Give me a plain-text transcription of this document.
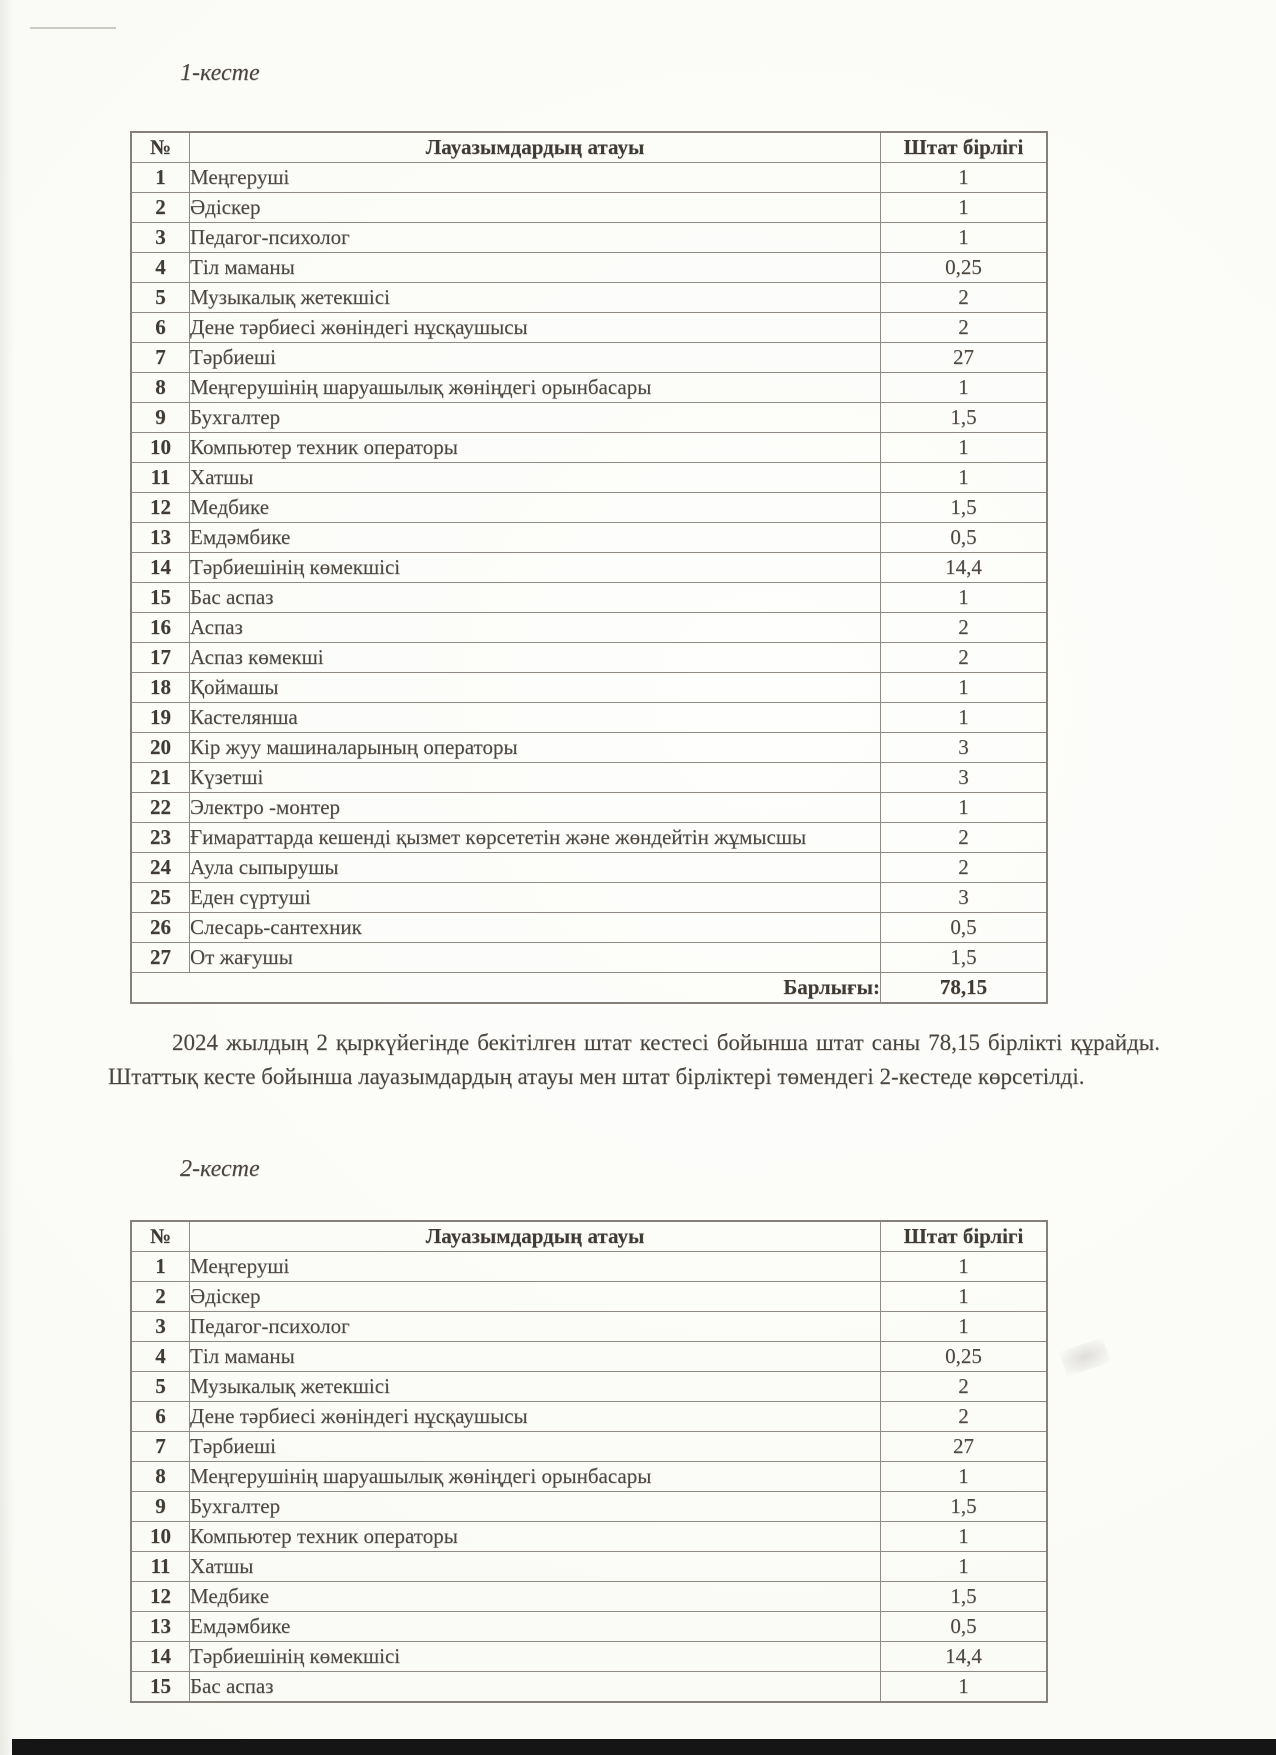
1-кесте
№	Лауазымдардың атауы	Штат бірлігі
1	Меңгеруші	1
2	Әдіскер	1
3	Педагог-психолог	1
4	Тіл маманы	0,25
5	Музыкалық жетекшісі	2
6	Дене тәрбиесі жөніндегі нұсқаушысы	2
7	Тәрбиеші	27
8	Меңгерушінің шаруашылық жөніңдегі орынбасары	1
9	Бухгалтер	1,5
10	Компьютер техник операторы	1
11	Хатшы	1
12	Медбике	1,5
13	Емдәмбике	0,5
14	Тәрбиешінің көмекшісі	14,4
15	Бас аспаз	1
16	Аспаз	2
17	Аспаз көмекші	2
18	Қоймашы	1
19	Кастелянша	1
20	Кір жуу машиналарының операторы	3
21	Күзетші	3
22	Электро -монтер	1
23	Ғимараттарда кешенді қызмет көрсететін және жөндейтін жұмысшы	2
24	Аула сыпырушы	2
25	Еден сүртуші	3
26	Слесарь-сантехник	0,5
27	От жағушы	1,5
Барлығы:		78,15
2024 жылдың 2 қыркүйегінде бекітілген штат кестесі бойынша штат саны 78,15 бірлікті құрайды. Штаттық кесте бойынша лауазымдардың атауы мен штат бірліктері төмендегі 2-кестеде көрсетілді.
2-кесте
№	Лауазымдардың атауы	Штат бірлігі
1	Меңгеруші	1
2	Әдіскер	1
3	Педагог-психолог	1
4	Тіл маманы	0,25
5	Музыкалық жетекшісі	2
6	Дене тәрбиесі жөніндегі нұсқаушысы	2
7	Тәрбиеші	27
8	Меңгерушінің шаруашылық жөніңдегі орынбасары	1
9	Бухгалтер	1,5
10	Компьютер техник операторы	1
11	Хатшы	1
12	Медбике	1,5
13	Емдәмбике	0,5
14	Тәрбиешінің көмекшісі	14,4
15	Бас аспаз	1
